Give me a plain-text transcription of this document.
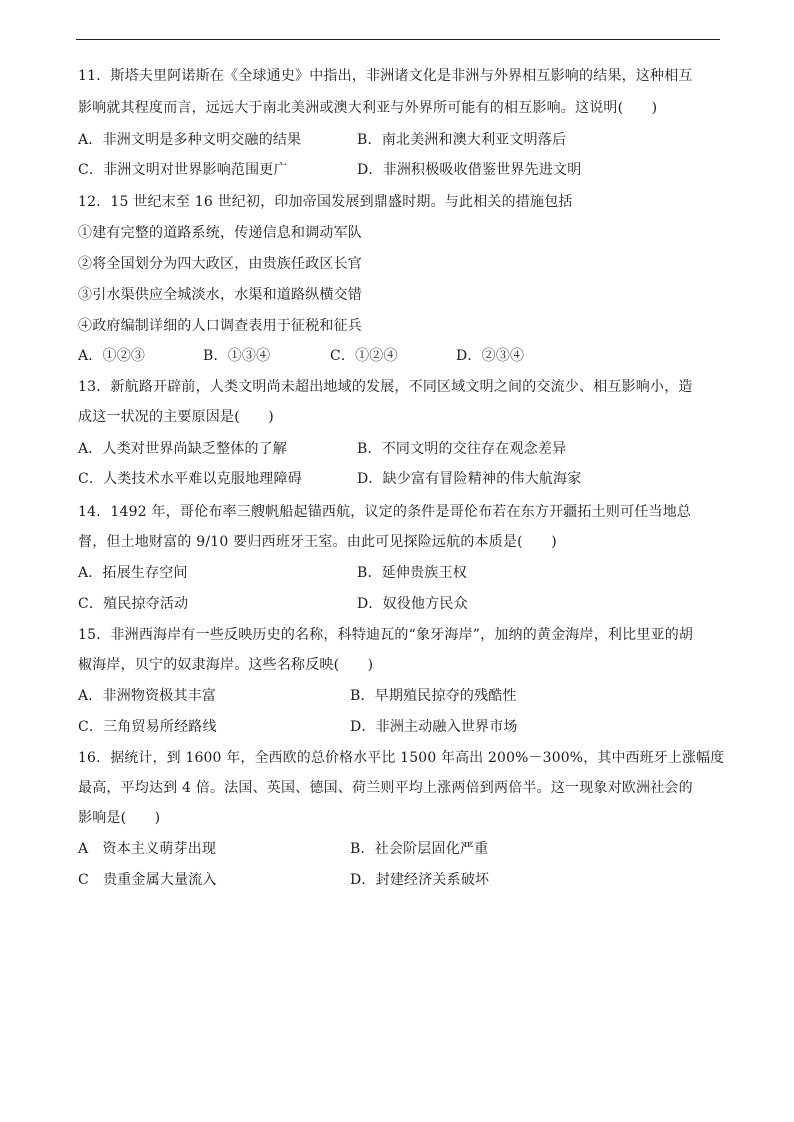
11．斯塔夫里阿诺斯在《全球通史》中指出，非洲诸文化是非洲与外界相互影响的结果，这种相互
影响就其程度而言，远远大于南北美洲或澳大利亚与外界所可能有的相互影响。这说明(　　)
A．非洲文明是多种文明交融的结果	B．南北美洲和澳大利亚文明落后
C．非洲文明对世界影响范围更广	D．非洲积极吸收借鉴世界先进文明
12．15 世纪末至 16 世纪初，印加帝国发展到鼎盛时期。与此相关的措施包括
①建有完整的道路系统，传递信息和调动军队
②将全国划分为四大政区，由贵族任政区长官
③引水渠供应全城淡水，水渠和道路纵横交错
④政府编制详细的人口调查表用于征税和征兵
A．①②③	B．①③④	C．①②④	D．②③④
13．新航路开辟前，人类文明尚未超出地域的发展，不同区域文明之间的交流少、相互影响小，造
成这一状况的主要原因是(　　)
A．人类对世界尚缺乏整体的了解	B．不同文明的交往存在观念差异
C．人类技术水平难以克服地理障碍	D．缺少富有冒险精神的伟大航海家
14．1492 年，哥伦布率三艘帆船起锚西航，议定的条件是哥伦布若在东方开疆拓土则可任当地总
督，但土地财富的 9/10 要归西班牙王室。由此可见探险远航的本质是(　　)
A．拓展生存空间	B．延伸贵族王权
C．殖民掠夺活动	D．奴役他方民众
15．非洲西海岸有一些反映历史的名称，科特迪瓦的“象牙海岸”，加纳的黄金海岸，利比里亚的胡
椒海岸，贝宁的奴隶海岸。这些名称反映(　　)
A．非洲物资极其丰富	B．早期殖民掠夺的残酷性
C．三角贸易所经路线	D．非洲主动融入世界市场
16．据统计，到 1600 年，全西欧的总价格水平比 1500 年高出 200%－300%，其中西班牙上涨幅度
最高，平均达到 4 倍。法国、英国、德国、荷兰则平均上涨两倍到两倍半。这一现象对欧洲社会的
影响是(　　)
A　资本主义萌芽出现	B．社会阶层固化严重
C　贵重金属大量流入	D．封建经济关系破坏
